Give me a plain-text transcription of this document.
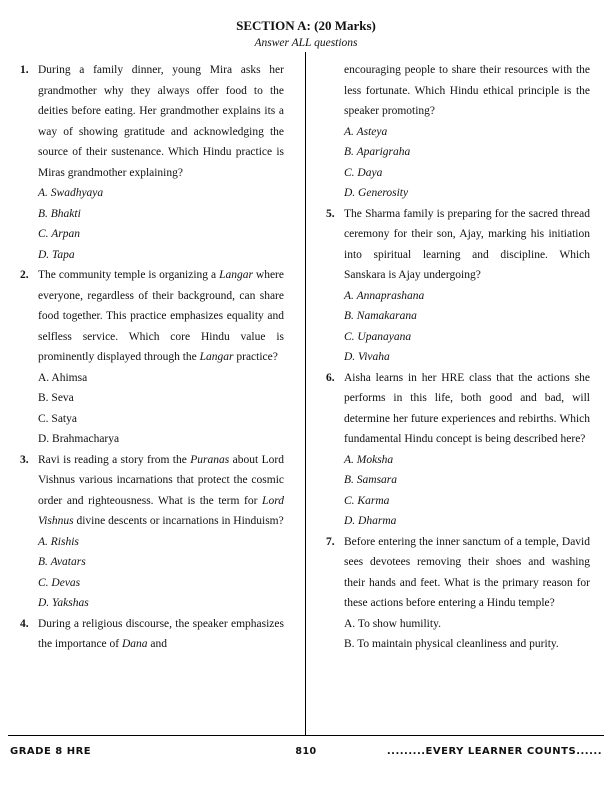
SECTION A: (20 Marks)
Answer ALL questions
1. During a family dinner, young Mira asks her grandmother why they always offer food to the deities before eating. Her grandmother explains its a way of showing gratitude and acknowledging the source of their sustenance. Which Hindu practice is Miras grandmother explaining?
A. Swadhyaya
B. Bhakti
C. Arpan
D. Tapa
2. The community temple is organizing a Langar where everyone, regardless of their background, can share food together. This practice emphasizes equality and selfless service. Which core Hindu value is prominently displayed through the Langar practice?
A. Ahimsa
B. Seva
C. Satya
D. Brahmacharya
3. Ravi is reading a story from the Puranas about Lord Vishnus various incarnations that protect the cosmic order and righteousness. What is the term for Lord Vishnus divine descents or incarnations in Hinduism?
A. Rishis
B. Avatars
C. Devas
D. Yakshas
4. During a religious discourse, the speaker emphasizes the importance of Dana and
encouraging people to share their resources with the less fortunate. Which Hindu ethical principle is the speaker promoting?
A. Asteya
B. Aparigraha
C. Daya
D. Generosity
5. The Sharma family is preparing for the sacred thread ceremony for their son, Ajay, marking his initiation into spiritual learning and discipline. Which Sanskara is Ajay undergoing?
A. Annaprashana
B. Namakarana
C. Upanayana
D. Vivaha
6. Aisha learns in her HRE class that the actions she performs in this life, both good and bad, will determine her future experiences and rebirths. Which fundamental Hindu concept is being described here?
A. Moksha
B. Samsara
C. Karma
D. Dharma
7. Before entering the inner sanctum of a temple, David sees devotees removing their shoes and washing their hands and feet. What is the primary reason for these actions before entering a Hindu temple?
A. To show humility.
B. To maintain physical cleanliness and purity.
GRADE 8 HRE	810	.........EVERY LEARNER COUNTS......
